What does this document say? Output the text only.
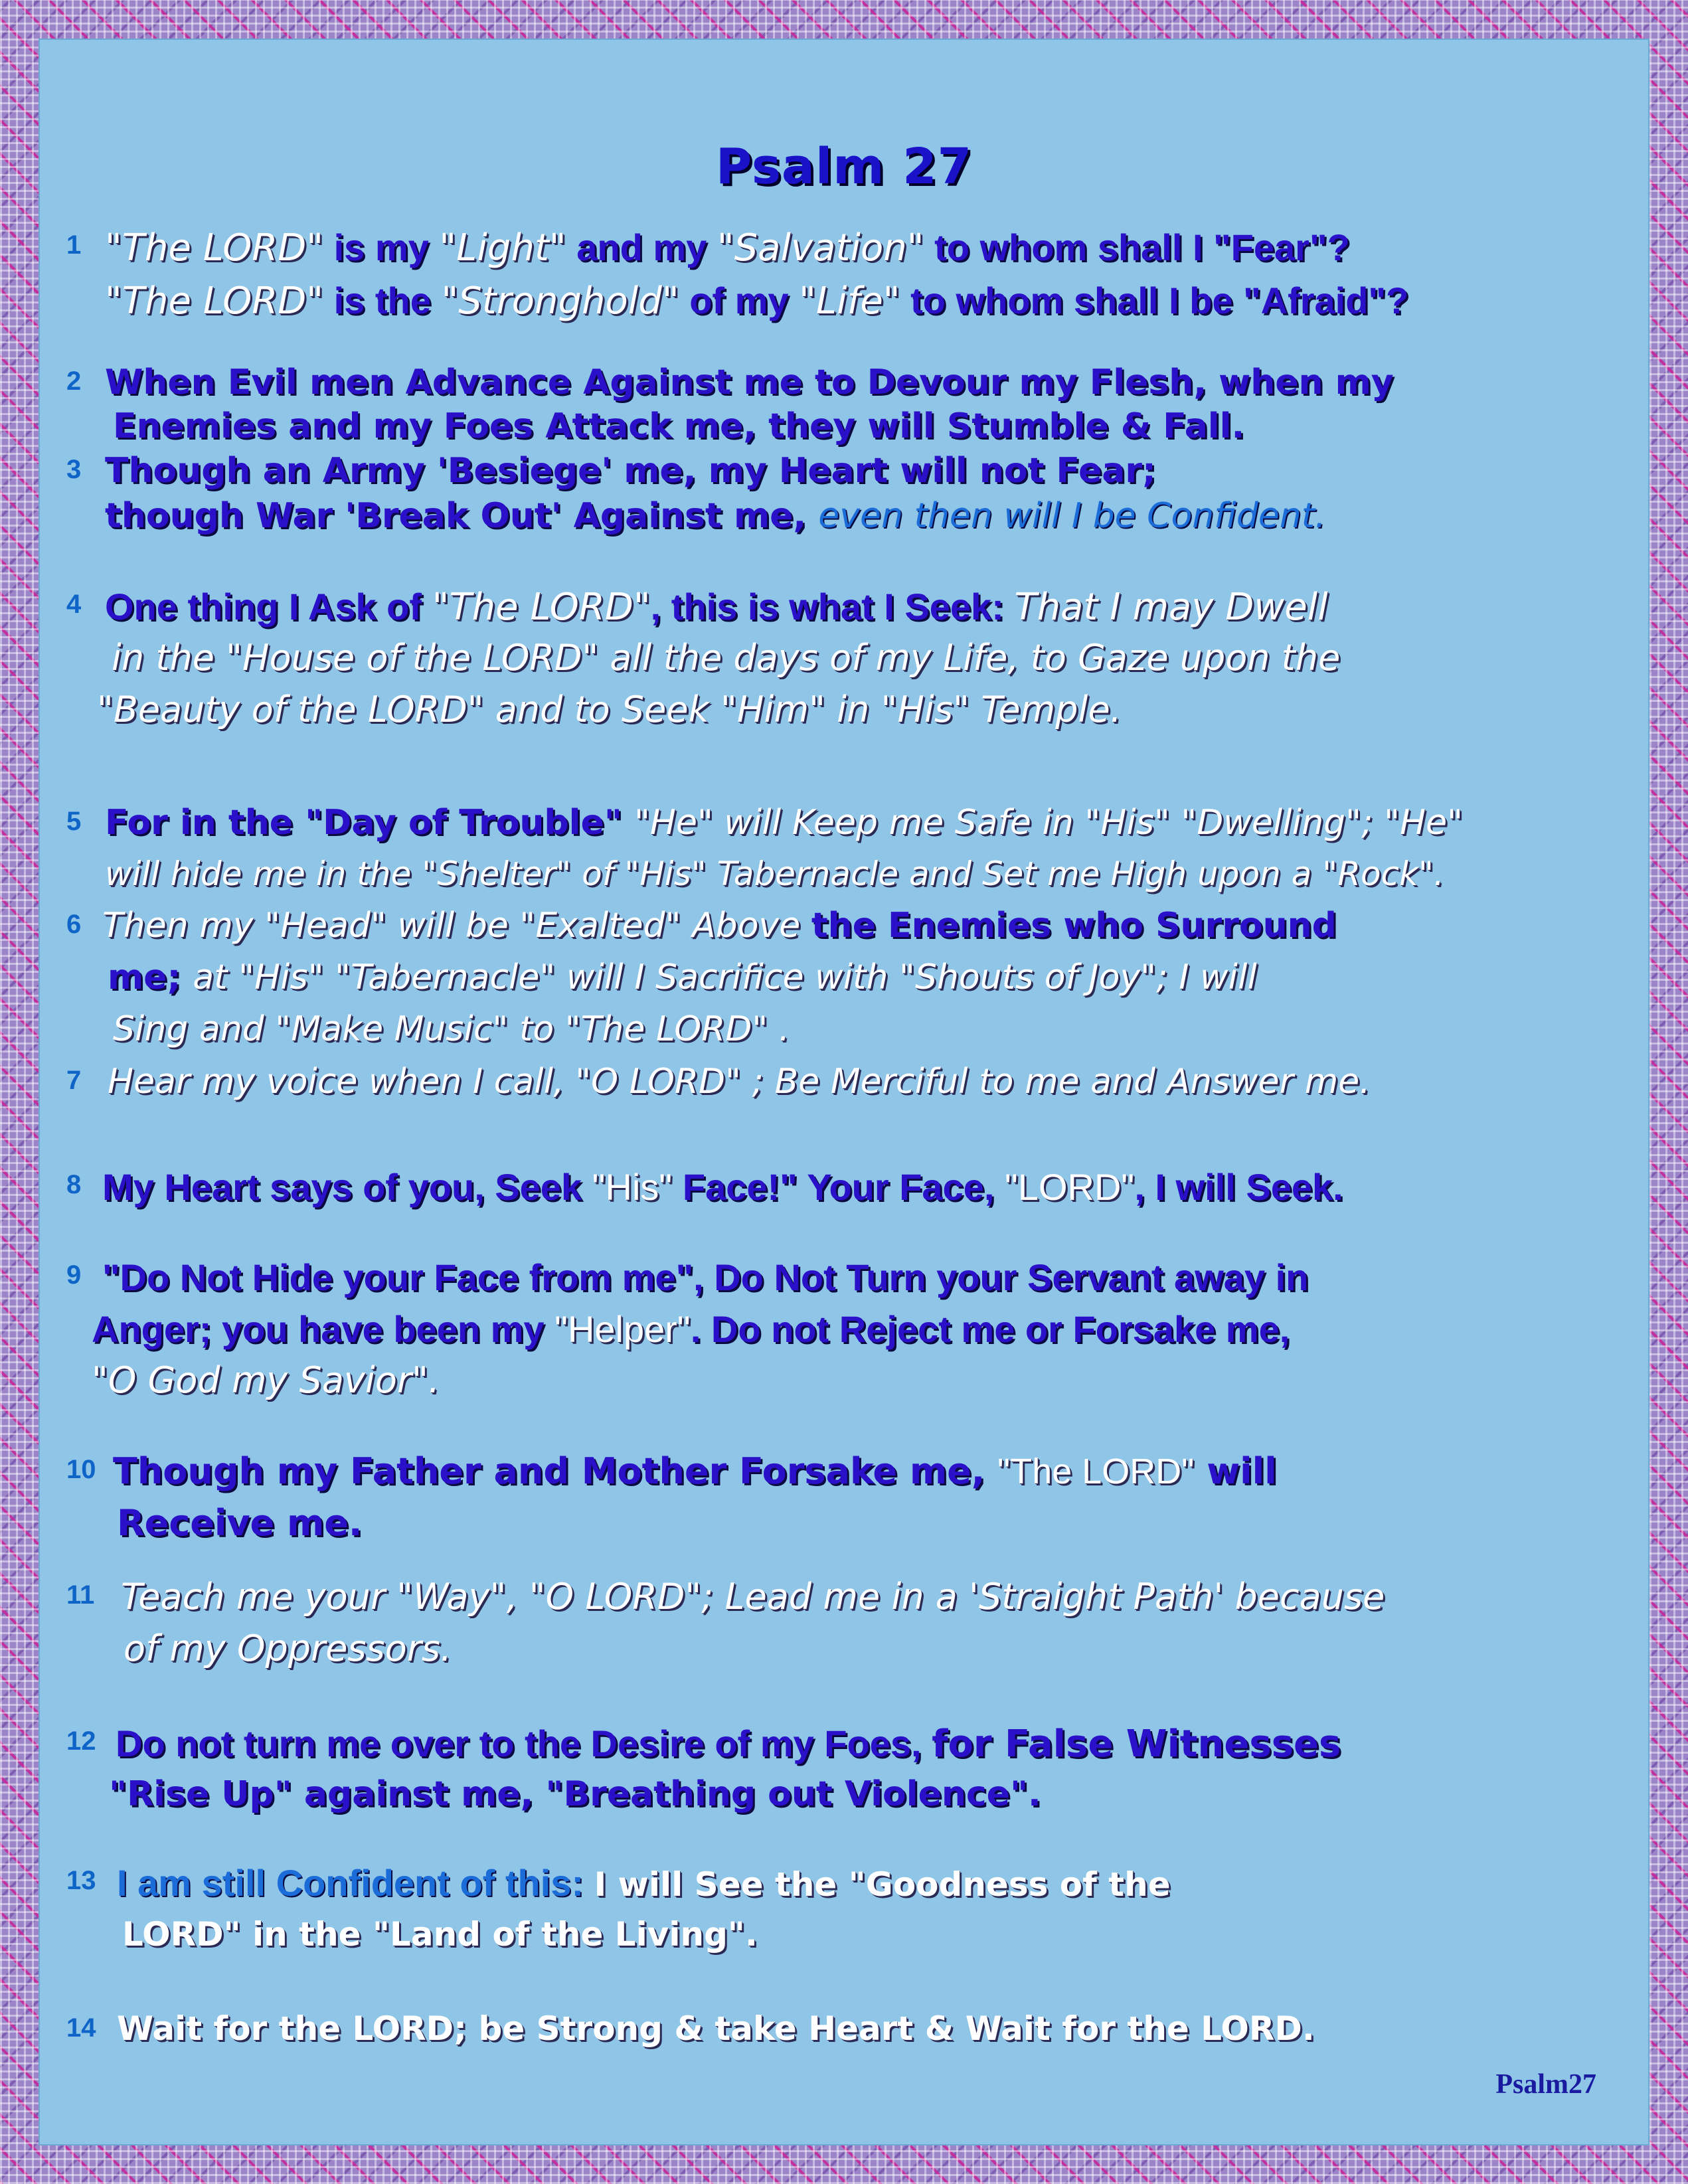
Psalm 27
1 "The LORD" is my "Light" and my "Salvation" to whom shall I "Fear"?
"The LORD" is the "Stronghold" of my "Life" to whom shall I be "Afraid"?
2 When Evil men Advance Against me to Devour my Flesh, when my
Enemies and my Foes Attack me, they will Stumble & Fall.
3 Though an Army 'Besiege' me, my Heart will not Fear;
though War 'Break Out' Against me, even then will I be Confident.
4 One thing I Ask of "The LORD", this is what I Seek: That I may Dwell
in the "House of the LORD" all the days of my Life, to Gaze upon the
"Beauty of the LORD" and to Seek "Him" in "His" Temple.
5 For in the "Day of Trouble" "He" will Keep me Safe in "His" "Dwelling"; "He"
will hide me in the "Shelter" of "His" Tabernacle and Set me High upon a "Rock".
6 Then my "Head" will be "Exalted" Above the Enemies who Surround
me; at "His" "Tabernacle" will I Sacrifice with "Shouts of Joy"; I will
Sing and "Make Music" to "The LORD" .
7 Hear my voice when I call, "O LORD" ; Be Merciful to me and Answer me.
8 My Heart says of you, Seek "His" Face!" Your Face, "LORD", I will Seek.
9 "Do Not Hide your Face from me", Do Not Turn your Servant away in
Anger; you have been my "Helper". Do not Reject me or Forsake me,
"O God my Savior".
10 Though my Father and Mother Forsake me, "The LORD" will
Receive me.
11 Teach me your "Way", "O LORD"; Lead me in a 'Straight Path' because
of my Oppressors.
12 Do not turn me over to the Desire of my Foes, for False Witnesses
"Rise Up" against me, "Breathing out Violence".
13 I am still Confident of this: I will See the "Goodness of the
LORD" in the "Land of the Living".
14 Wait for the LORD; be Strong & take Heart & Wait for the LORD.
Psalm27
